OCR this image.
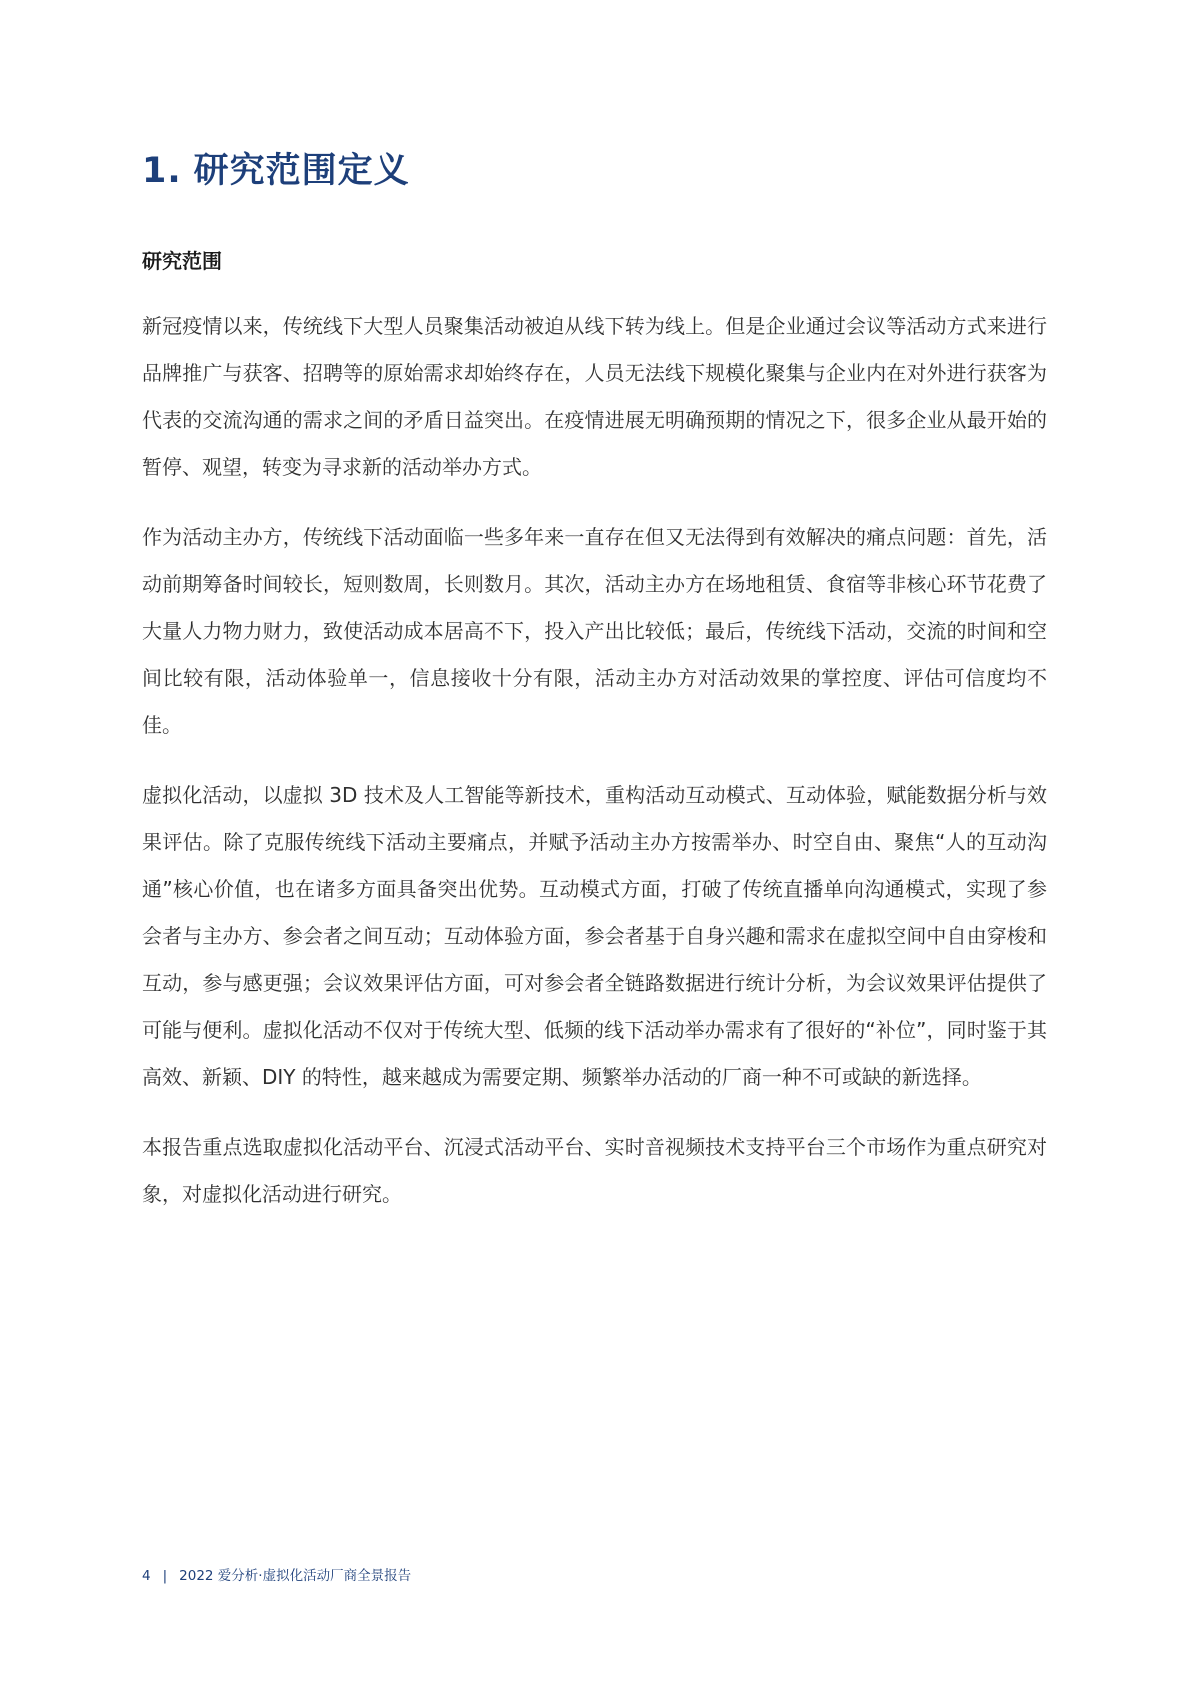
1. 研究范围定义
研究范围

新冠疫情以来，传统线下大型人员聚集活动被迫从线下转为线上。但是企业通过会议等活动方式来进行品牌推广与获客、招聘等的原始需求却始终存在，人员无法线下规模化聚集与企业内在对外进行获客为代表的交流沟通的需求之间的矛盾日益突出。在疫情进展无明确预期的情况之下，很多企业从最开始的暂停、观望，转变为寻求新的活动举办方式。

作为活动主办方，传统线下活动面临一些多年来一直存在但又无法得到有效解决的痛点问题：首先，活动前期筹备时间较长，短则数周，长则数月。其次，活动主办方在场地租赁、食宿等非核心环节花费了大量人力物力财力，致使活动成本居高不下，投入产出比较低；最后，传统线下活动，交流的时间和空间比较有限，活动体验单一，信息接收十分有限，活动主办方对活动效果的掌控度、评估可信度均不佳。

虚拟化活动，以虚拟 3D 技术及人工智能等新技术，重构活动互动模式、互动体验，赋能数据分析与效果评估。除了克服传统线下活动主要痛点，并赋予活动主办方按需举办、时空自由、聚焦“人的互动沟通”核心价值，也在诸多方面具备突出优势。互动模式方面，打破了传统直播单向沟通模式，实现了参会者与主办方、参会者之间互动；互动体验方面，参会者基于自身兴趣和需求在虚拟空间中自由穿梭和互动，参与感更强；会议效果评估方面，可对参会者全链路数据进行统计分析，为会议效果评估提供了可能与便利。虚拟化活动不仅对于传统大型、低频的线下活动举办需求有了很好的“补位”，同时鉴于其高效、新颖、DIY 的特性，越来越成为需要定期、频繁举办活动的厂商一种不可或缺的新选择。

本报告重点选取虚拟化活动平台、沉浸式活动平台、实时音视频技术支持平台三个市场作为重点研究对象，对虚拟化活动进行研究。

4 | 2022 爱分析·虚拟化活动厂商全景报告
